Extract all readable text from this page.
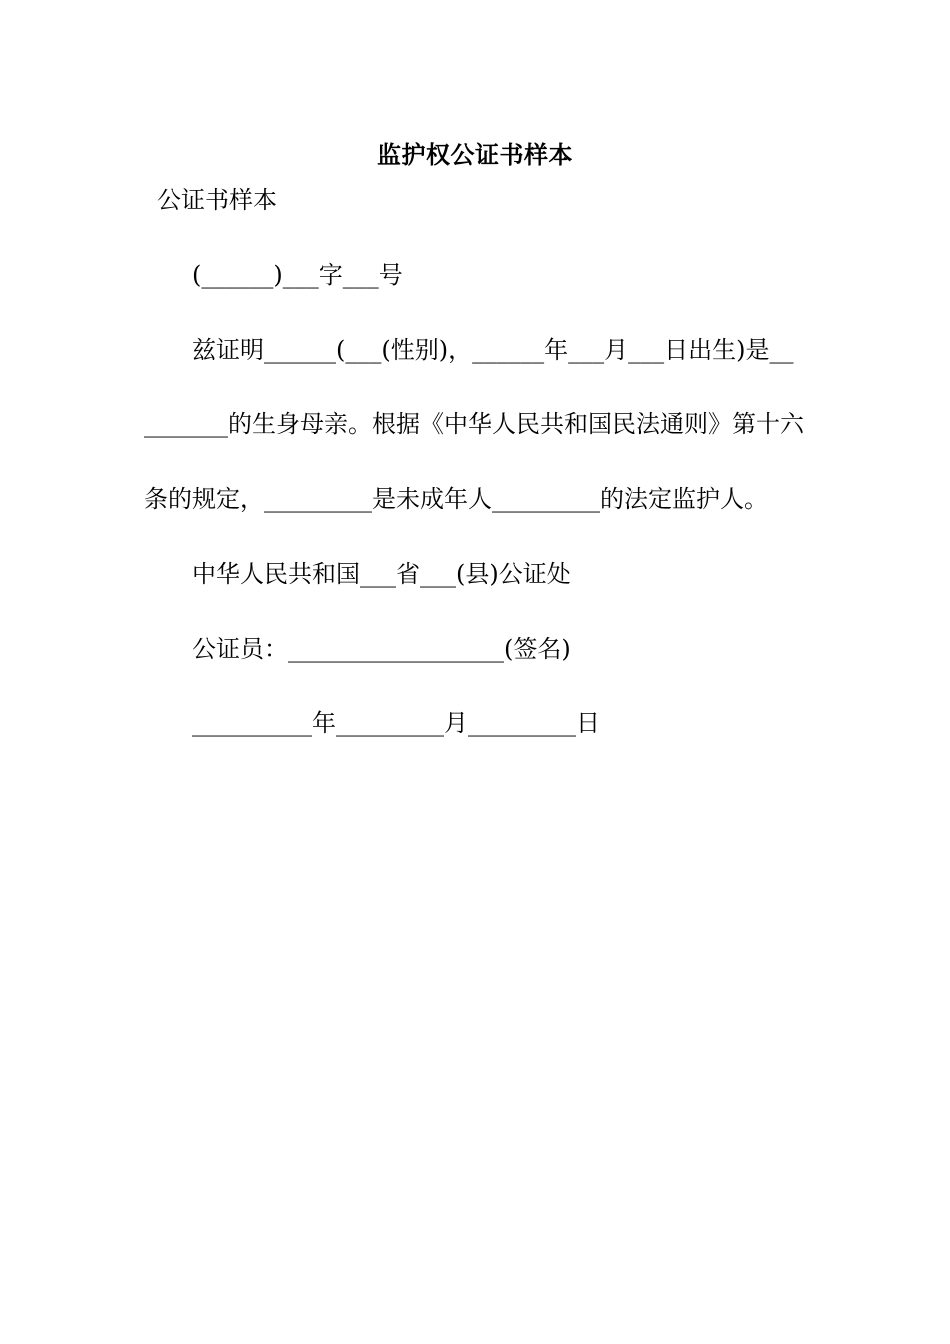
监护权公证书样本
公证书样本
(______)___字___号
兹证明______(___(性别)，______年___月___日出生)是__
_______的生身母亲。根据《中华人民共和国民法通则》第十六
条的规定，_________是未成年人_________的法定监护人。
中华人民共和国___省___(县)公证处
公证员：__________________(签名)
__________年_________月_________日
